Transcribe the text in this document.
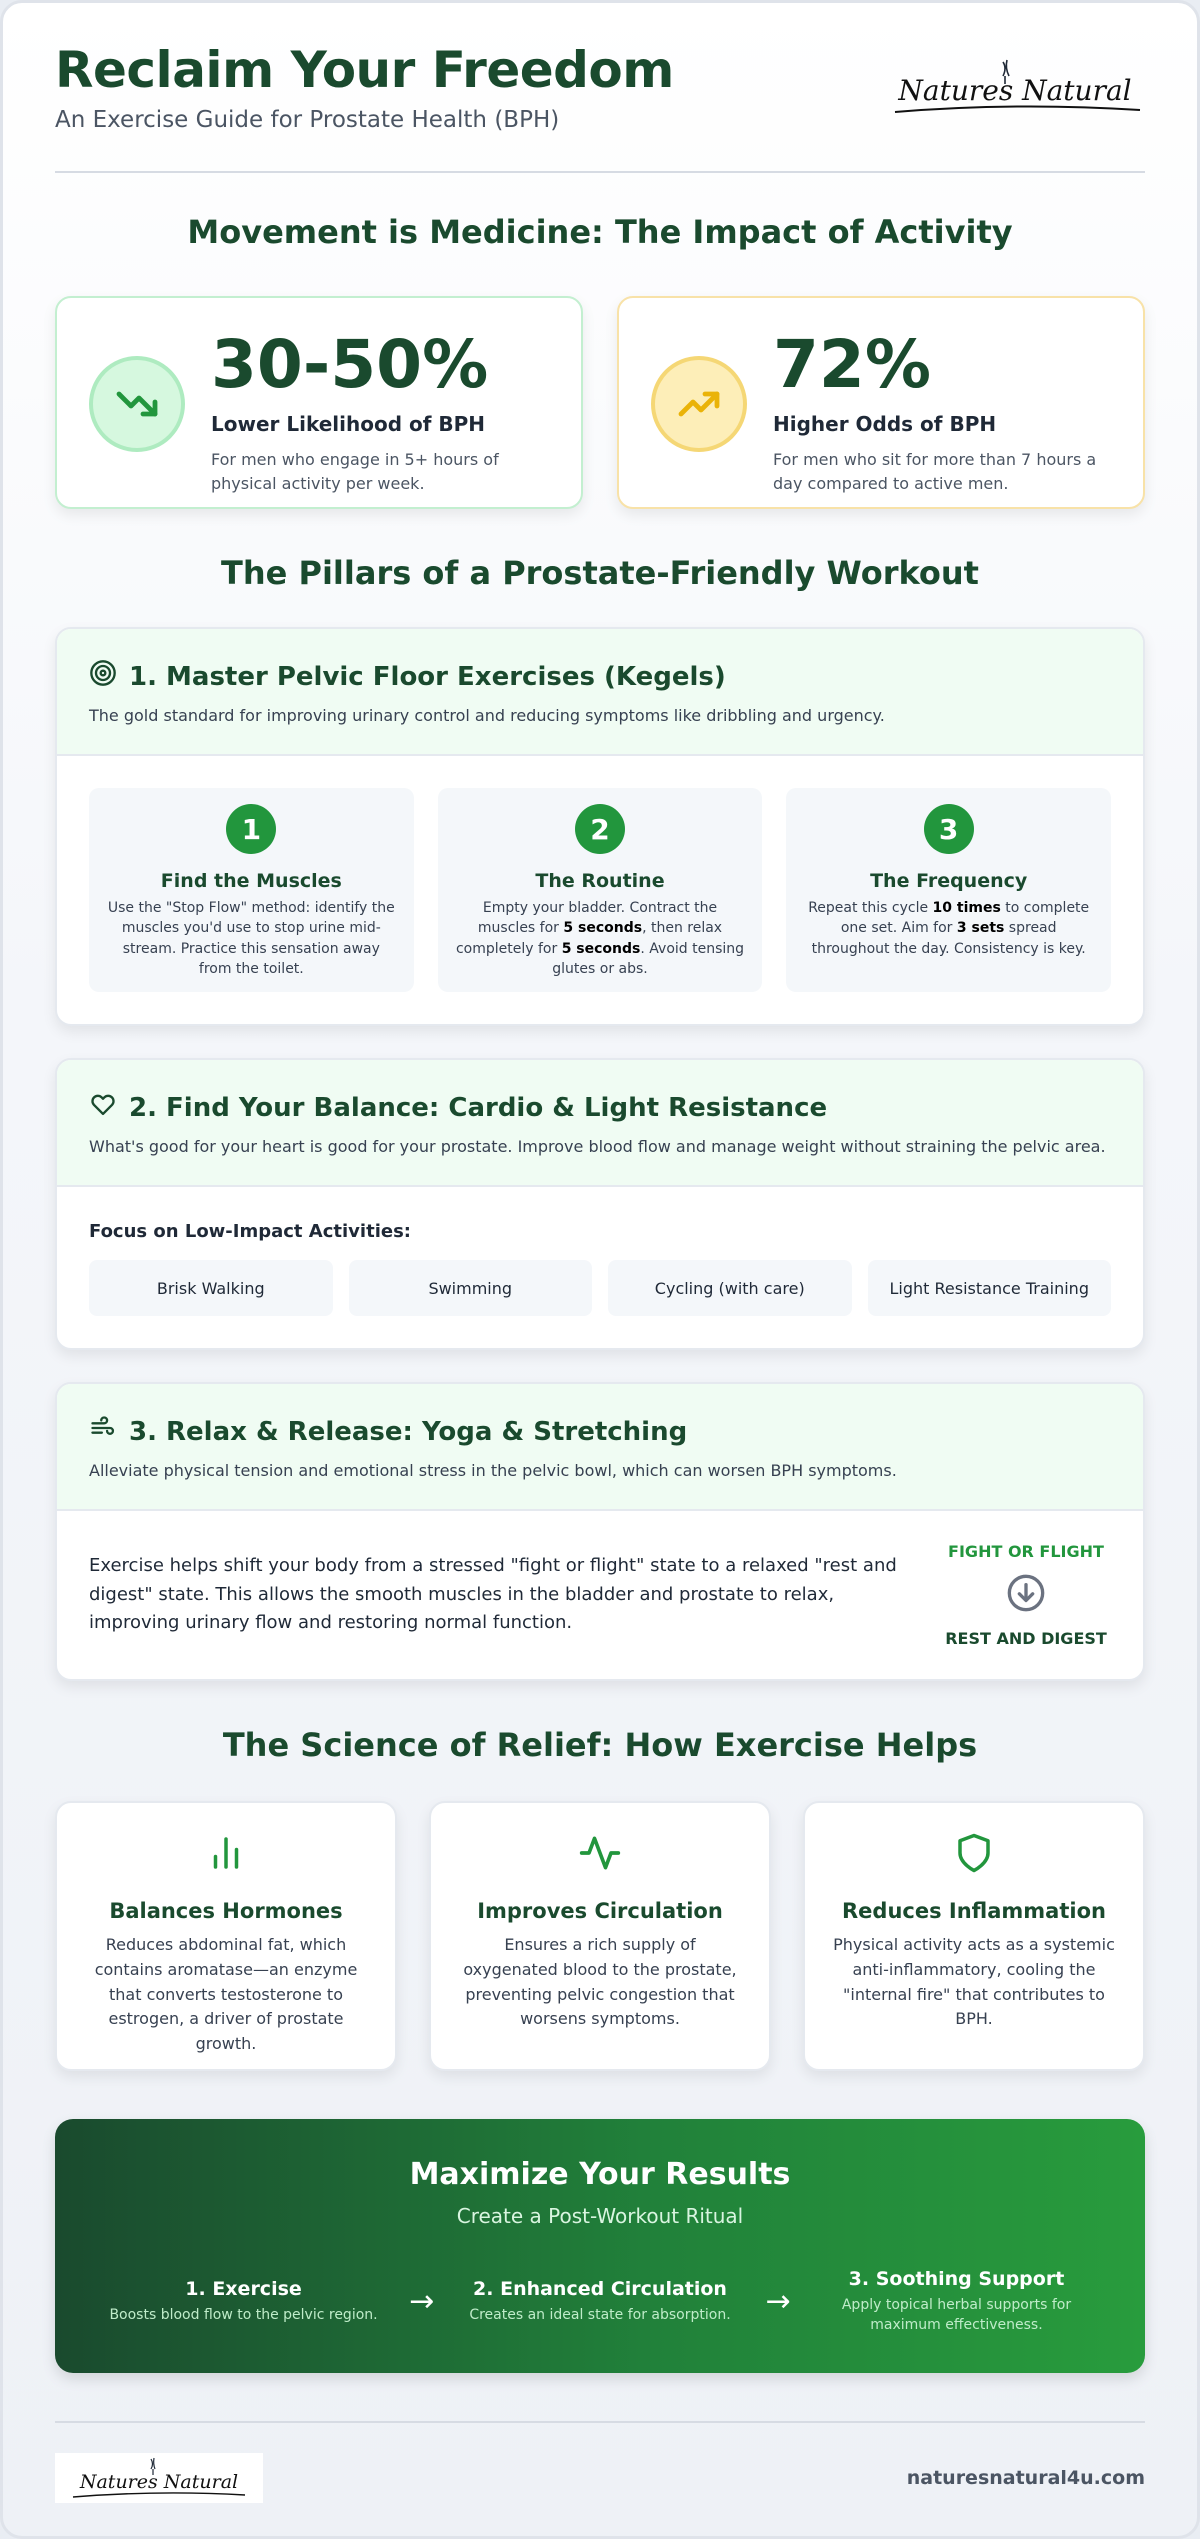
Reclaim Your Freedom
An Exercise Guide for Prostate Health (BPH)
Natures Natural
Movement is Medicine: The Impact of Activity
30-50%
Lower Likelihood of BPH
For men who engage in 5+ hours of physical activity per week.
72%
Higher Odds of BPH
For men who sit for more than 7 hours a day compared to active men.
The Pillars of a Prostate-Friendly Workout
1. Master Pelvic Floor Exercises (Kegels)
The gold standard for improving urinary control and reducing symptoms like dribbling and urgency.
1
Find the Muscles
Use the "Stop Flow" method: identify the muscles you'd use to stop urine mid-stream. Practice this sensation away from the toilet.
2
The Routine
Empty your bladder. Contract the muscles for 5 seconds, then relax completely for 5 seconds. Avoid tensing glutes or abs.
3
The Frequency
Repeat this cycle 10 times to complete one set. Aim for 3 sets spread throughout the day. Consistency is key.
2. Find Your Balance: Cardio & Light Resistance
What's good for your heart is good for your prostate. Improve blood flow and manage weight without straining the pelvic area.
Focus on Low-Impact Activities:
Brisk Walking	Swimming	Cycling (with care)	Light Resistance Training
3. Relax & Release: Yoga & Stretching
Alleviate physical tension and emotional stress in the pelvic bowl, which can worsen BPH symptoms.
Exercise helps shift your body from a stressed "fight or flight" state to a relaxed "rest and digest" state. This allows the smooth muscles in the bladder and prostate to relax, improving urinary flow and restoring normal function.
FIGHT OR FLIGHT
REST AND DIGEST
The Science of Relief: How Exercise Helps
Balances Hormones
Reduces abdominal fat, which contains aromatase—an enzyme that converts testosterone to estrogen, a driver of prostate growth.
Improves Circulation
Ensures a rich supply of oxygenated blood to the prostate, preventing pelvic congestion that worsens symptoms.
Reduces Inflammation
Physical activity acts as a systemic anti-inflammatory, cooling the "internal fire" that contributes to BPH.
Maximize Your Results
Create a Post-Workout Ritual
1. Exercise
Boosts blood flow to the pelvic region.	→	2. Enhanced Circulation
Creates an ideal state for absorption.	→
3. Soothing Support
Apply topical herbal supports for maximum effectiveness.
Natures Natural	naturesnatural4u.com
